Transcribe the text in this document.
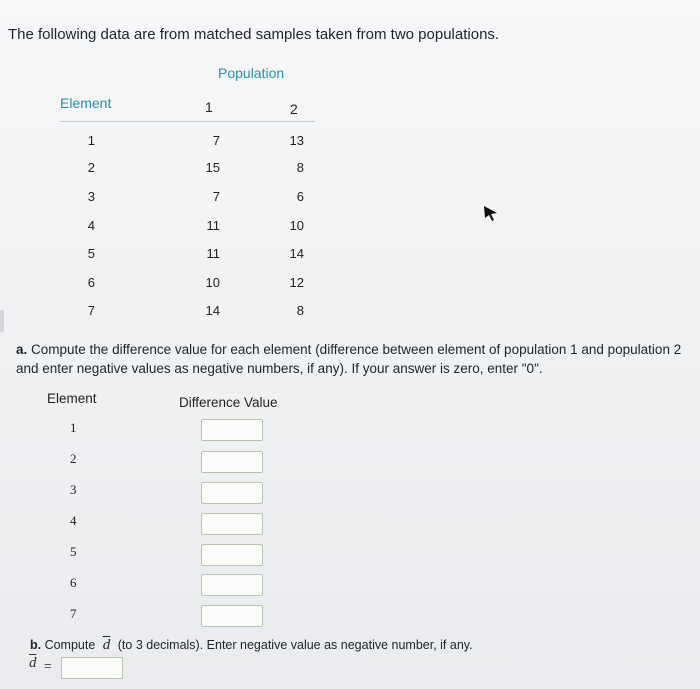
The following data are from matched samples taken from two populations.
Population
Element	1	2
1	7	13
2	15	8
3	7	6
4	11	10
5	11	14
6	10	12
7	14	8
a. Compute the difference value for each element (difference between element of population 1 and population 2 and enter negative values as negative numbers, if any). If your answer is zero, enter "0".
Element	Difference Value
1
2
3
4
5
6
7
b. Compute $\overline{d}$ (to 3 decimals). Enter negative value as negative number, if any.
$\overline{d}$ =
